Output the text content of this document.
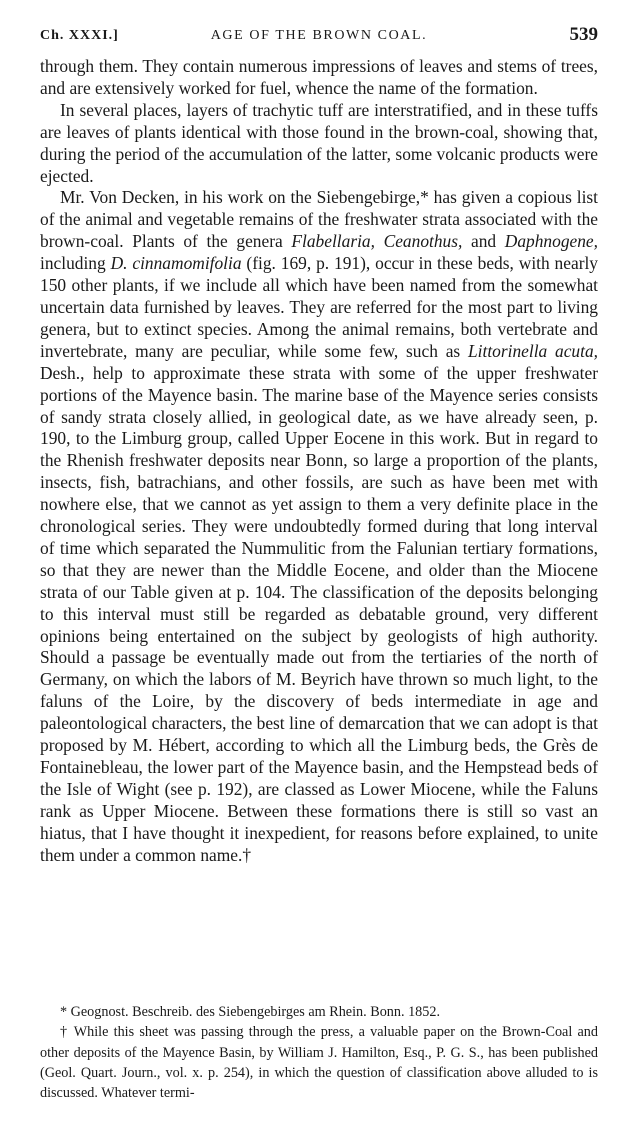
Ch. XXXI.]	AGE OF THE BROWN COAL.	539

through them. They contain numerous impressions of leaves and stems of trees, and are extensively worked for fuel, whence the name of the formation.

In several places, layers of trachytic tuff are interstratified, and in these tuffs are leaves of plants identical with those found in the brown-coal, showing that, during the period of the accumulation of the latter, some volcanic products were ejected.

Mr. Von Decken, in his work on the Siebengebirge,* has given a copious list of the animal and vegetable remains of the freshwater strata associated with the brown-coal. Plants of the genera Flabellaria, Ceanothus, and Daphnogene, including D. cinnamomifolia (fig. 169, p. 191), occur in these beds, with nearly 150 other plants, if we include all which have been named from the somewhat uncertain data furnished by leaves. They are referred for the most part to living genera, but to extinct species. Among the animal remains, both vertebrate and invertebrate, many are peculiar, while some few, such as Littorinella acuta, Desh., help to approximate these strata with some of the upper freshwater portions of the Mayence basin. The marine base of the Mayence series consists of sandy strata closely allied, in geological date, as we have already seen, p. 190, to the Limburg group, called Upper Eocene in this work. But in regard to the Rhenish freshwater deposits near Bonn, so large a proportion of the plants, insects, fish, batrachians, and other fossils, are such as have been met with nowhere else, that we cannot as yet assign to them a very definite place in the chronological series. They were undoubtedly formed during that long interval of time which separated the Nummulitic from the Falunian tertiary formations, so that they are newer than the Middle Eocene, and older than the Miocene strata of our Table given at p. 104. The classification of the deposits belonging to this interval must still be regarded as debatable ground, very different opinions being entertained on the subject by geologists of high authority. Should a passage be eventually made out from the tertiaries of the north of Germany, on which the labors of M. Beyrich have thrown so much light, to the faluns of the Loire, by the discovery of beds intermediate in age and paleontological characters, the best line of demarcation that we can adopt is that proposed by M. Hébert, according to which all the Limburg beds, the Grès de Fontainebleau, the lower part of the Mayence basin, and the Hempstead beds of the Isle of Wight (see p. 192), are classed as Lower Miocene, while the Faluns rank as Upper Miocene. Between these formations there is still so vast an hiatus, that I have thought it inexpedient, for reasons before explained, to unite them under a common name.†

* Geognost. Beschreib. des Siebengebirges am Rhein. Bonn. 1852.

† While this sheet was passing through the press, a valuable paper on the Brown-Coal and other deposits of the Mayence Basin, by William J. Hamilton, Esq., P. G. S., has been published (Geol. Quart. Journ., vol. x. p. 254), in which the question of classification above alluded to is discussed. Whatever termi-
